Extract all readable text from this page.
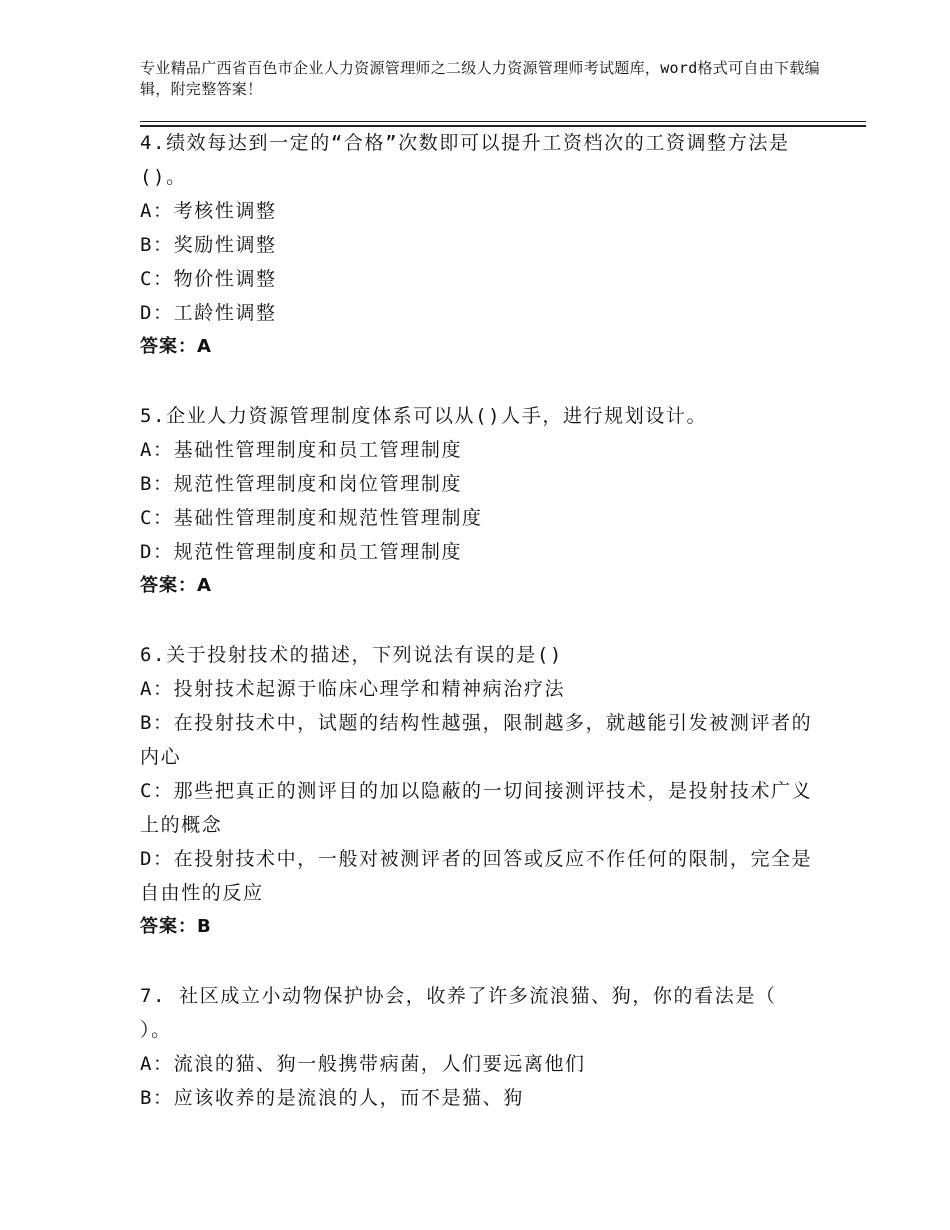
专业精品广西省百色市企业人力资源管理师之二级人力资源管理师考试题库，word格式可自由下载编辑，附完整答案！
4.绩效每达到一定的“合格”次数即可以提升工资档次的工资调整方法是()。
A：考核性调整
B：奖励性调整
C：物价性调整
D：工龄性调整
答案：A
5.企业人力资源管理制度体系可以从()人手，进行规划设计。
A：基础性管理制度和员工管理制度
B：规范性管理制度和岗位管理制度
C：基础性管理制度和规范性管理制度
D：规范性管理制度和员工管理制度
答案：A
6.关于投射技术的描述，下列说法有误的是()
A：投射技术起源于临床心理学和精神病治疗法
B：在投射技术中，试题的结构性越强，限制越多，就越能引发被测评者的内心
C：那些把真正的测评目的加以隐蔽的一切间接测评技术，是投射技术广义上的概念
D：在投射技术中，一般对被测评者的回答或反应不作任何的限制，完全是自由性的反应
答案：B
7. 社区成立小动物保护协会，收养了许多流浪猫、狗，你的看法是（ ）。
A：流浪的猫、狗一般携带病菌，人们要远离他们
B：应该收养的是流浪的人，而不是猫、狗
